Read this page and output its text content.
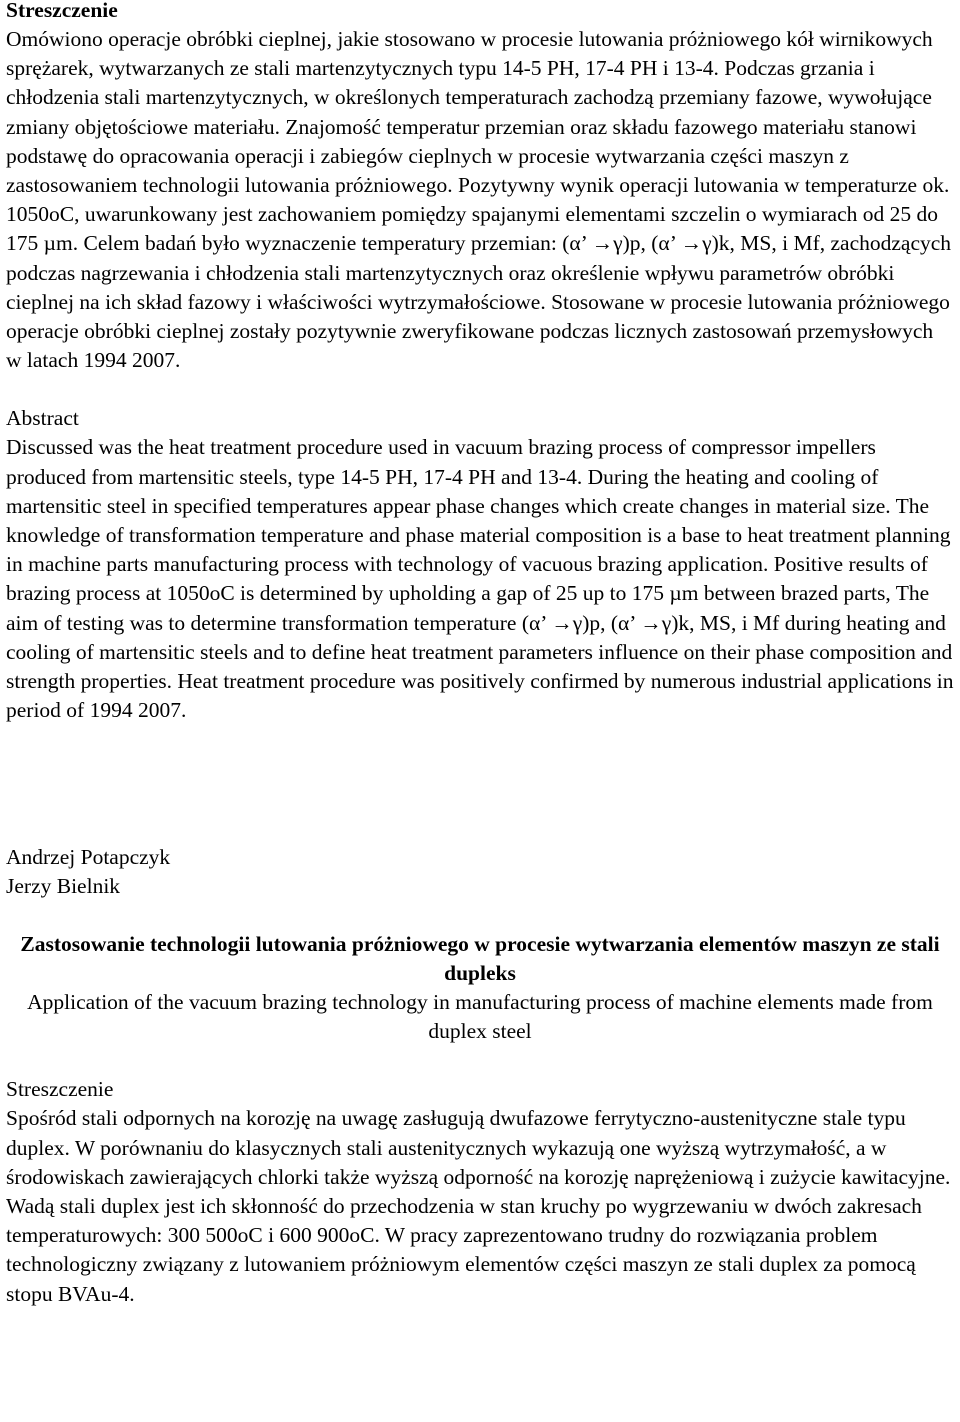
Streszczenie

Omówiono operacje obróbki cieplnej, jakie stosowano w procesie lutowania próżniowego kół wirnikowych sprężarek, wytwarzanych ze stali martenzytycznych typu 14-5 PH, 17-4 PH i 13-4. Podczas grzania i chłodzenia stali martenzytycznych, w określonych temperaturach zachodzą przemiany fazowe, wywołujące zmiany objętościowe materiału. Znajomość temperatur przemian oraz składu fazowego materiału stanowi podstawę do opracowania operacji i zabiegów cieplnych w procesie wytwarzania części maszyn z zastosowaniem technologii lutowania próżniowego. Pozytywny wynik operacji lutowania w temperaturze ok. 1050oC, uwarunkowany jest zachowaniem pomiędzy spajanymi elementami szczelin o wymiarach od 25 do 175 µm. Celem badań było wyznaczenie temperatury przemian: (α’ →γ)p, (α’ →γ)k, MS, i Mf, zachodzących podczas nagrzewania i chłodzenia stali martenzytycznych oraz określenie wpływu parametrów obróbki cieplnej na ich skład fazowy i właściwości wytrzymałościowe. Stosowane w procesie lutowania próżniowego operacje obróbki cieplnej zostały pozytywnie zweryfikowane podczas licznych zastosowań przemysłowych w latach 1994 2007.

Abstract

Discussed was the heat treatment procedure used in vacuum brazing process of compressor impellers produced from martensitic steels, type 14-5 PH, 17-4 PH and 13-4. During the heating and cooling of martensitic steel in specified temperatures appear phase changes which create changes in material size. The knowledge of transformation temperature and phase material composition is a base to heat treatment planning in machine parts manufacturing process with technology of vacuous brazing application. Positive results of brazing process at 1050oC is determined by upholding a gap of 25 up to 175 µm between brazed parts, The aim of testing was to determine transformation temperature (α’ →γ)p, (α’ →γ)k, MS, i Mf during heating and cooling of martensitic steels and to define heat treatment parameters influence on their phase composition and strength properties. Heat treatment procedure was positively confirmed by numerous industrial applications in period of 1994 2007.

Andrzej Potapczyk

Jerzy Bielnik

Zastosowanie technologii lutowania próżniowego w procesie wytwarzania elementów maszyn ze stali dupleks

Application of the vacuum brazing technology in manufacturing process of machine elements made from duplex steel

Streszczenie

Spośród stali odpornych na korozję na uwagę zasługują dwufazowe ferrytyczno-austenityczne stale typu duplex. W porównaniu do klasycznych stali austenitycznych wykazują one wyższą wytrzymałość, a w środowiskach zawierających chlorki także wyższą odporność na korozję naprężeniową i zużycie kawitacyjne. Wadą stali duplex jest ich skłonność do przechodzenia w stan kruchy po wygrzewaniu w dwóch zakresach temperaturowych: 300 500oC i 600 900oC. W pracy zaprezentowano trudny do rozwiązania problem technologiczny związany z lutowaniem próżniowym elementów części maszyn ze stali duplex za pomocą stopu BVAu-4.
